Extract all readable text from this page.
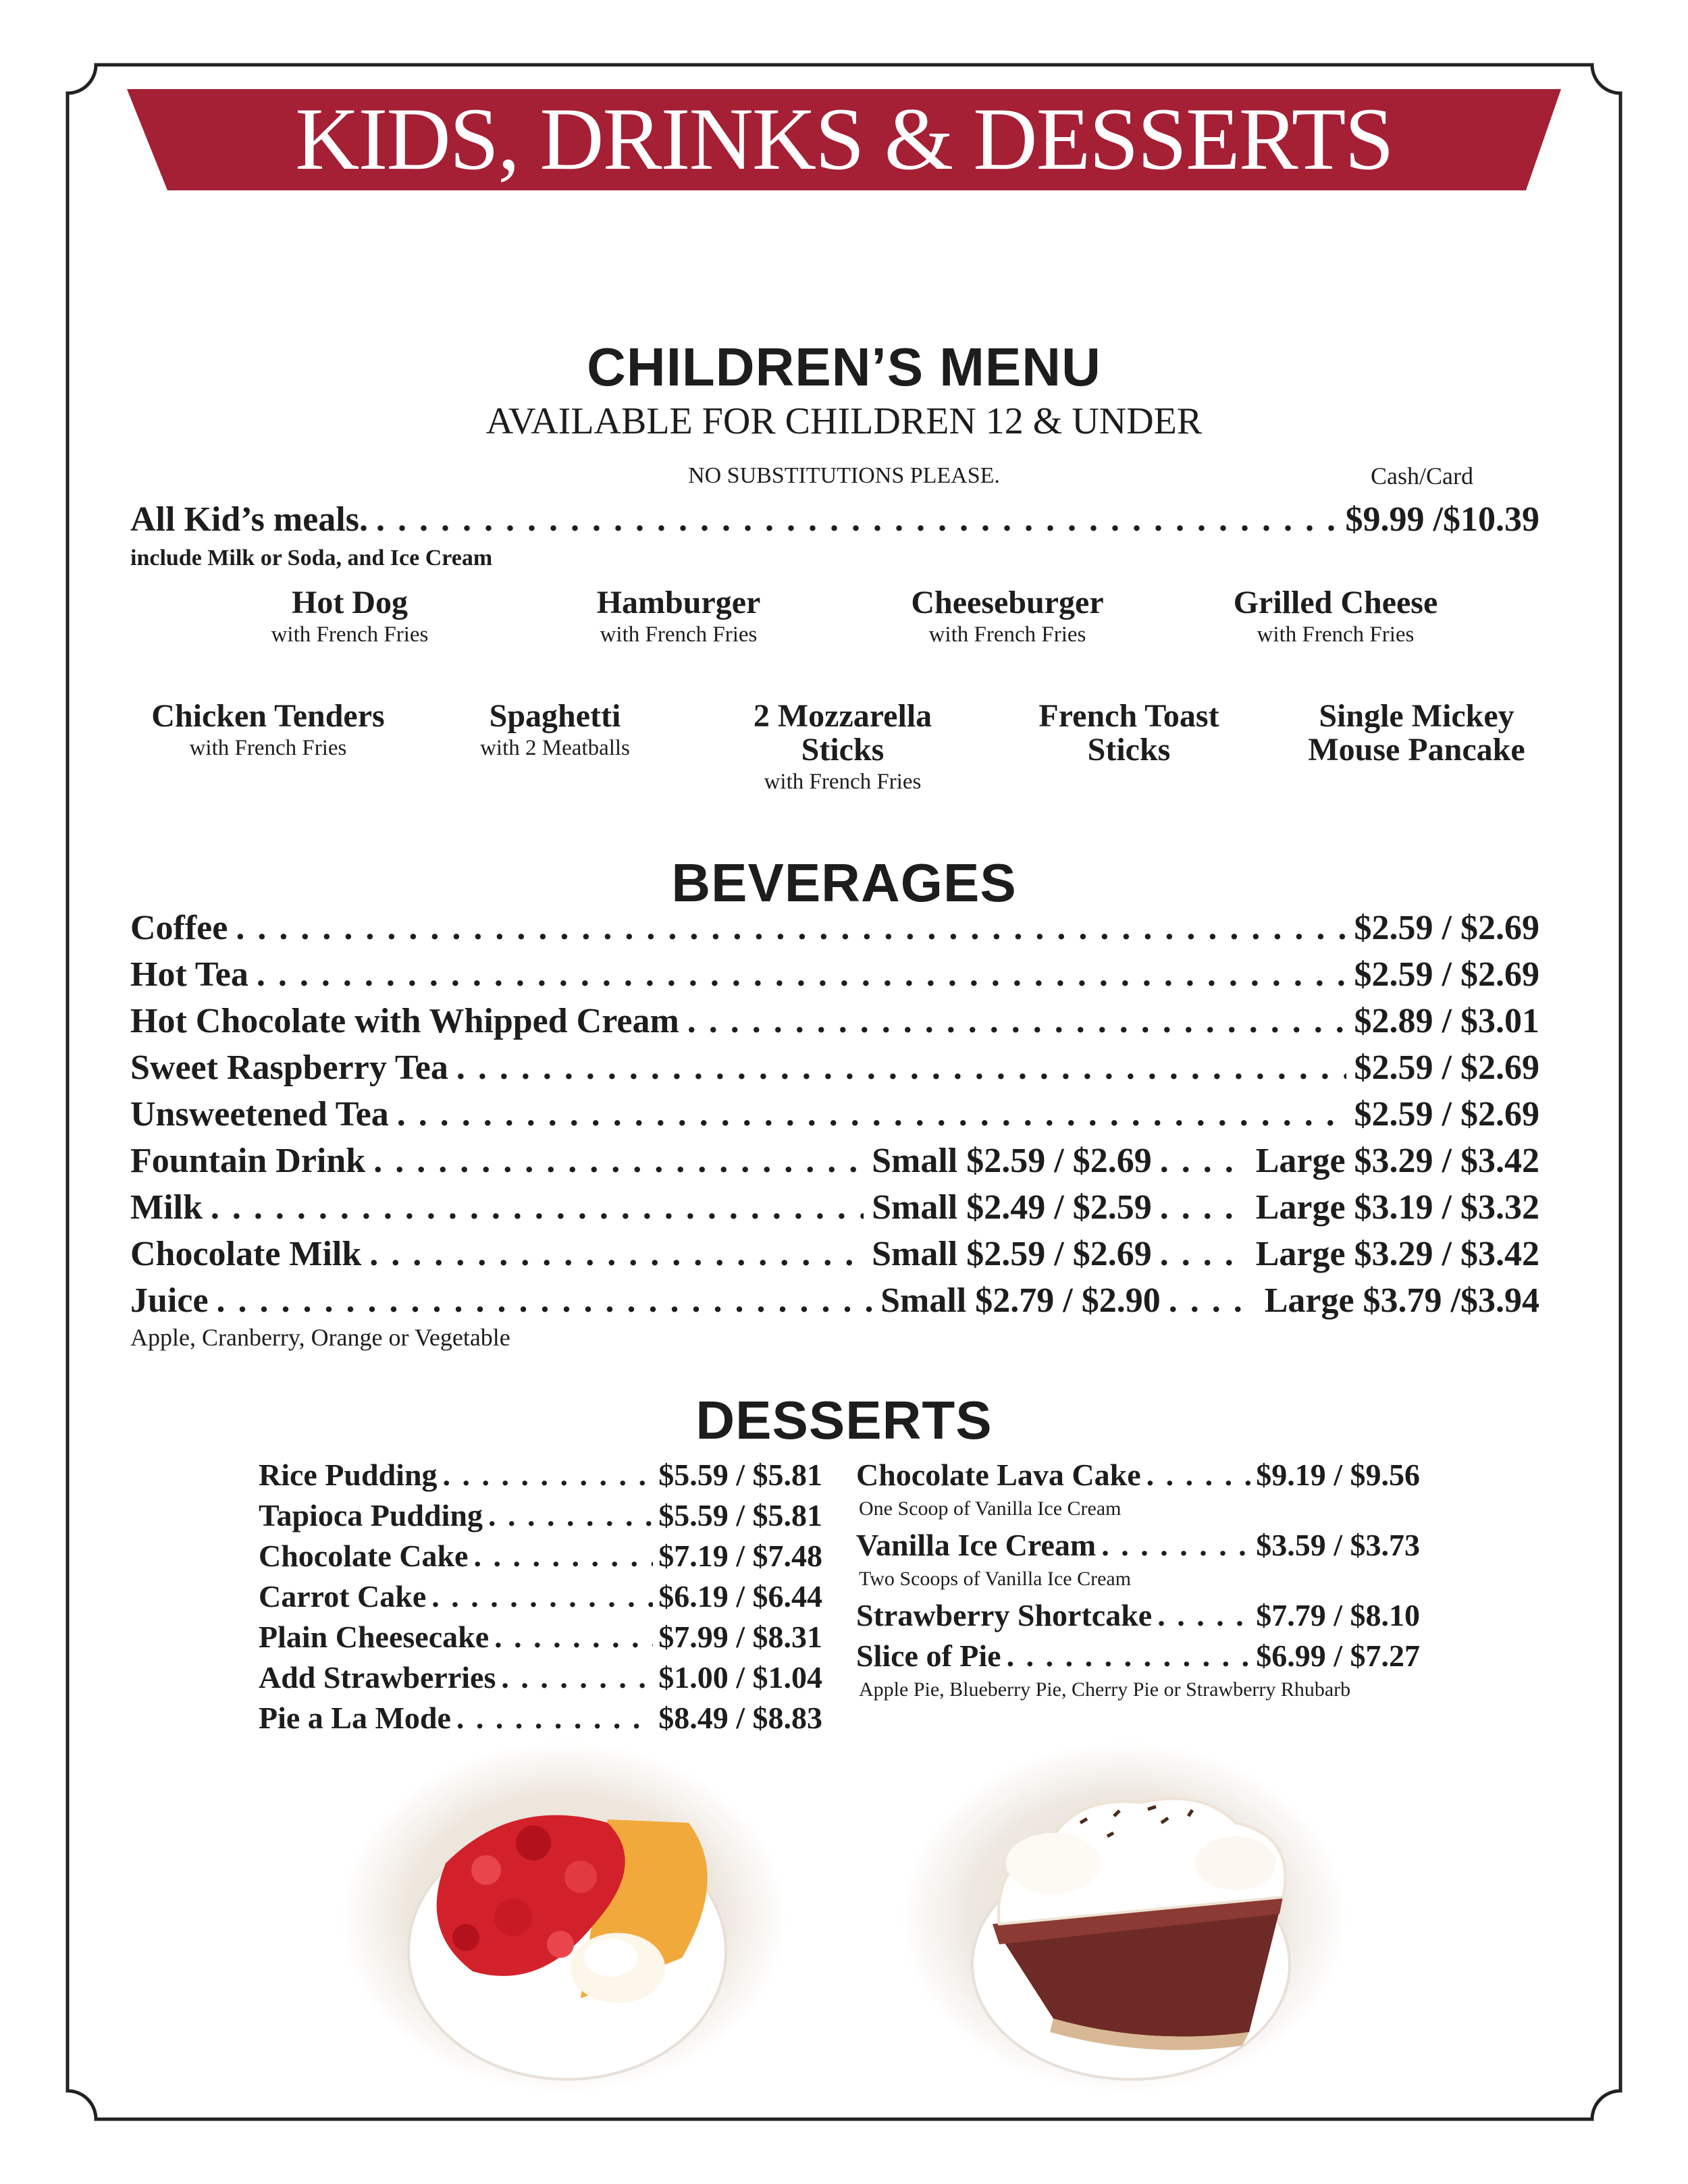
KIDS, DRINKS & DESSERTS
CHILDREN’S MENU
AVAILABLE FOR CHILDREN 12 & UNDER
NO SUBSTITUTIONS PLEASE.	Cash/Card
All Kid’s meals. . . .	$9.99 /$10.39
include Milk or Soda, and Ice Cream
Hot Dog
with French Fries
Hamburger
with French Fries
Cheeseburger
with French Fries
Grilled Cheese
with French Fries
Chicken Tenders
with French Fries
Spaghetti
with 2 Meatballs
2 Mozzarella Sticks
with French Fries
French Toast Sticks
Single Mickey Mouse Pancake
BEVERAGES
Coffee . . .	$2.59 / $2.69
Hot Tea . . .	$2.59 / $2.69
Hot Chocolate with Whipped Cream . . .	$2.89 / $3.01
Sweet Raspberry Tea . . .	$2.59 / $2.69
Unsweetened Tea . . .	$2.59 / $2.69
Fountain Drink . . .	Small $2.59 / $2.69 . . .	Large $3.29 / $3.42
Milk . . .	Small $2.49 / $2.59 . . .	Large $3.19 / $3.32
Chocolate Milk . . .	Small $2.59 / $2.69 . . .	Large $3.29 / $3.42
Juice . . .	Small $2.79 / $2.90 . . .	Large $3.79 /$3.94
Apple, Cranberry, Orange or Vegetable
DESSERTS
Rice Pudding . . .	$5.59 / $5.81
Tapioca Pudding . . .	$5.59 / $5.81
Chocolate Cake . . .	$7.19 / $7.48
Carrot Cake . . .	$6.19 / $6.44
Plain Cheesecake . . .	$7.99 / $8.31
Add Strawberries . . .	$1.00 / $1.04
Pie a La Mode . . .	$8.49 / $8.83
Chocolate Lava Cake . . .	$9.19 / $9.56
One Scoop of Vanilla Ice Cream
Vanilla Ice Cream . . .	$3.59 / $3.73
Two Scoops of Vanilla Ice Cream
Strawberry Shortcake . . .	$7.79 / $8.10
Slice of Pie . . .	$6.99 / $7.27
Apple Pie, Blueberry Pie, Cherry Pie or Strawberry Rhubarb
